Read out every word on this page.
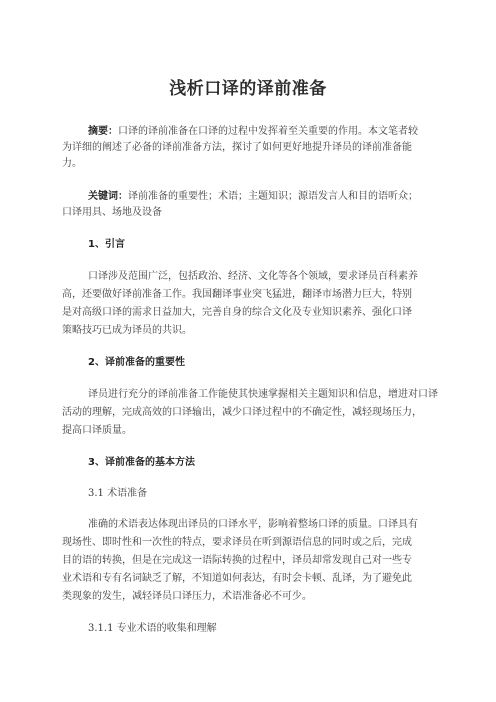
浅析口译的译前准备
摘要：口译的译前准备在口译的过程中发挥着至关重要的作用。本文笔者较
为详细的阐述了必备的译前准备方法，探讨了如何更好地提升译员的译前准备能
力。
关键词：译前准备的重要性；术语；主题知识；源语发言人和目的语听众；
口译用具、场地及设备
1、引言
口译涉及范围广泛，包括政治、经济、文化等各个领域，要求译员百科素养
高，还要做好译前准备工作。我国翻译事业突飞猛进，翻译市场潜力巨大，特别
是对高级口译的需求日益加大，完善自身的综合文化及专业知识素养、强化口译
策略技巧已成为译员的共识。
2、译前准备的重要性
译员进行充分的译前准备工作能使其快速掌握相关主题知识和信息，增进对口译
活动的理解，完成高效的口译输出，减少口译过程中的不确定性，减轻现场压力，
提高口译质量。
3、译前准备的基本方法
3.1 术语准备
准确的术语表达体现出译员的口译水平，影响着整场口译的质量。口译具有
现场性、即时性和一次性的特点，要求译员在听到源语信息的同时或之后，完成
目的语的转换，但是在完成这一语际转换的过程中，译员却常发现自己对一些专
业术语和专有名词缺乏了解，不知道如何表达，有时会卡顿、乱译，为了避免此
类现象的发生，减轻译员口译压力，术语准备必不可少。
3.1.1 专业术语的收集和理解
